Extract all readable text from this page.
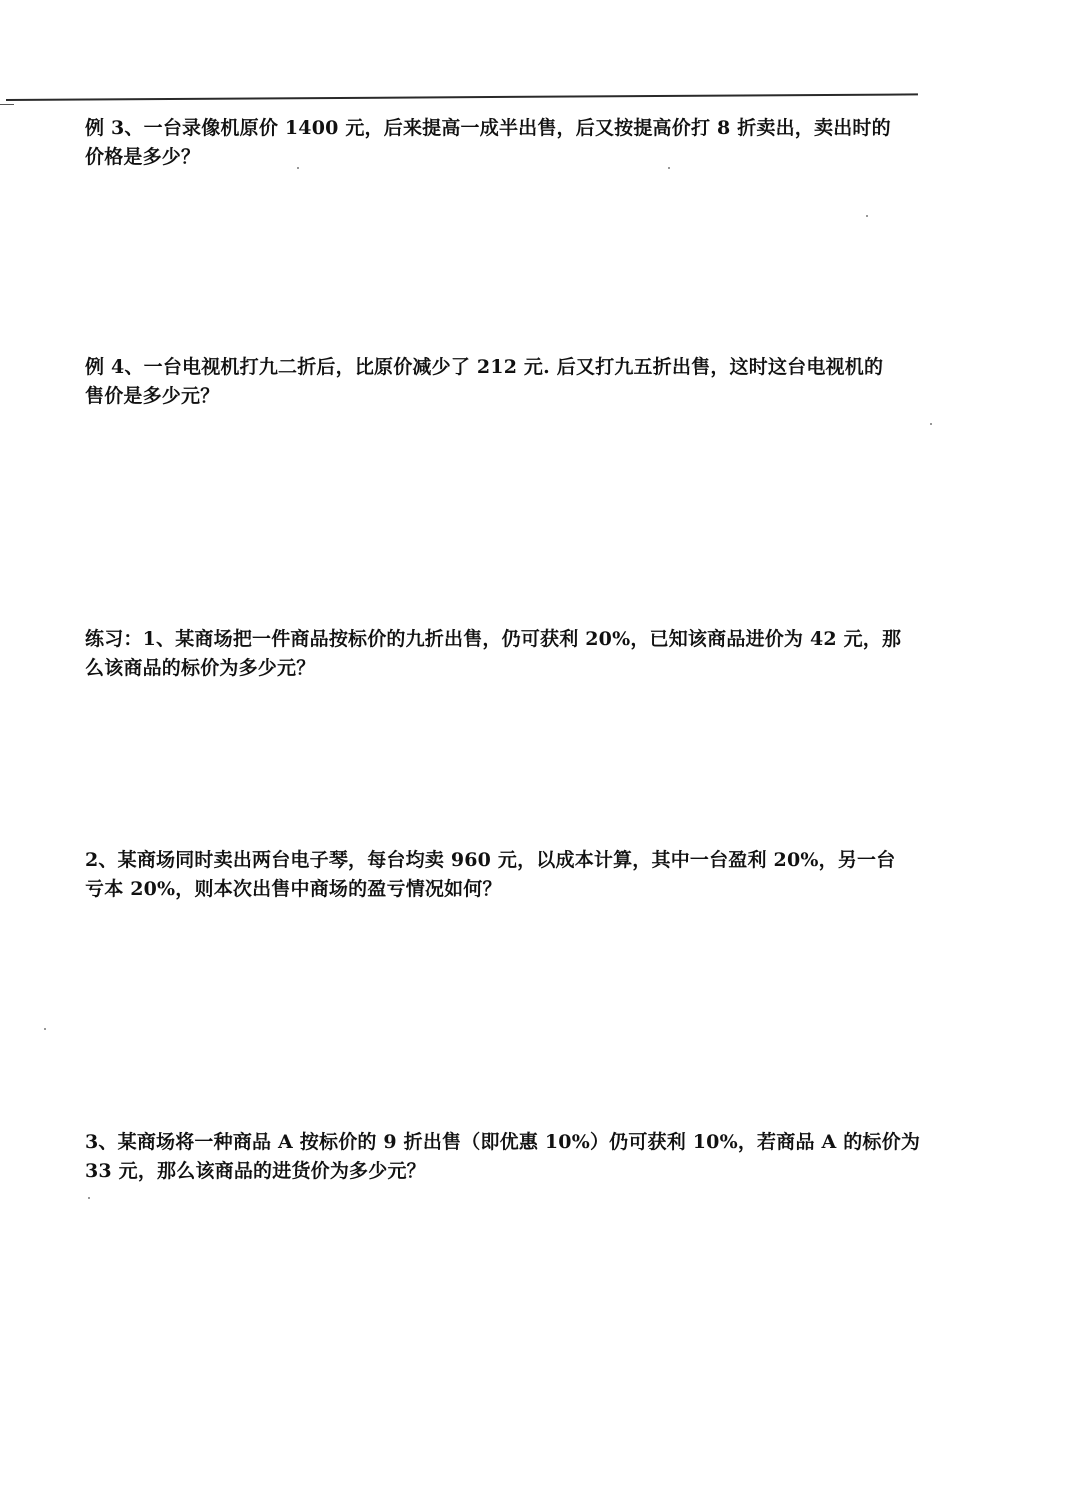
例 3、一台录像机原价 1400 元，后来提高一成半出售，后又按提高价打 8 折卖出，卖出时的
价格是多少？
例 4、一台电视机打九二折后，比原价减少了 212 元. 后又打九五折出售，这时这台电视机的
售价是多少元？
练习：1、某商场把一件商品按标价的九折出售，仍可获利 20%，已知该商品进价为 42 元，那
么该商品的标价为多少元？
2、某商场同时卖出两台电子琴，每台均卖 960 元，以成本计算，其中一台盈利 20%，另一台
亏本 20%，则本次出售中商场的盈亏情况如何？
3、某商场将一种商品 A 按标价的 9 折出售（即优惠 10%）仍可获利 10%，若商品 A 的标价为
33 元，那么该商品的进货价为多少元？
